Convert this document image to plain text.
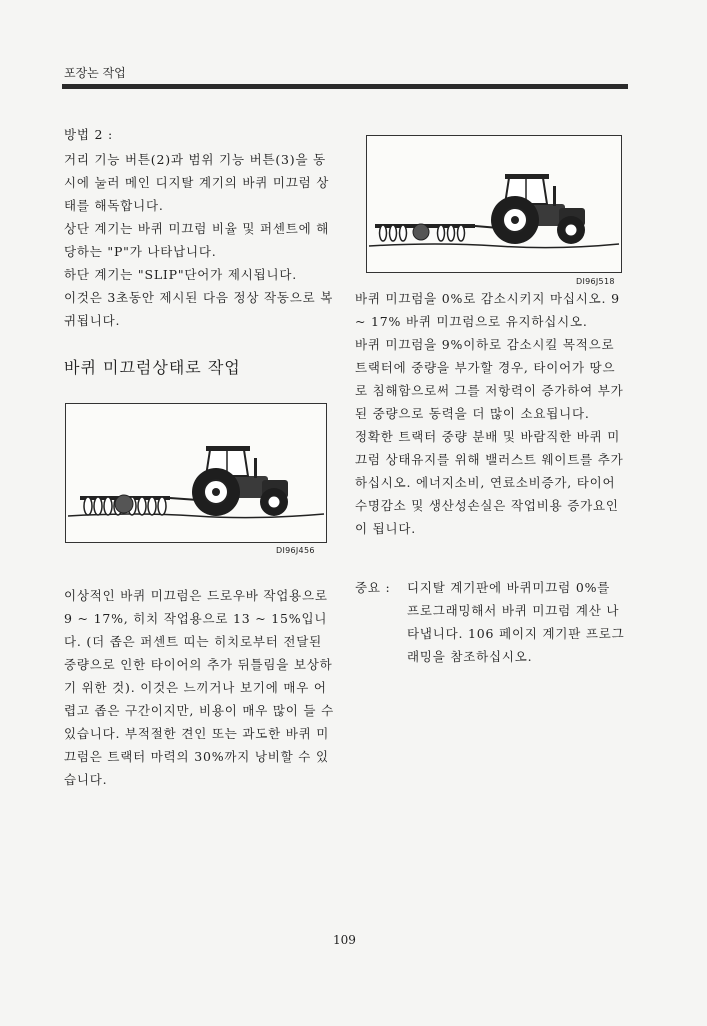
포장논 작업

방법 2 :

거리 기능 버튼(2)과 범위 기능 버튼(3)을 동시에 눌러 메인 디지탈 계기의 바퀴 미끄럼 상태를 해독합니다.

상단 계기는 바퀴 미끄럼 비율 및 퍼센트에 해당하는 "P"가 나타납니다.

하단 계기는 "SLIP"단어가 제시됩니다.

이것은 3초동안 제시된 다음 정상 작동으로 복귀됩니다.

바퀴 미끄럼상태로 작업
DI96J456

이상적인 바퀴 미끄럼은 드로우바 작업용으로 9 ~ 17%, 히치 작업용으로 13 ~ 15%입니다. (더 좁은 퍼센트 띠는 히치로부터 전달된 중량으로 인한 타이어의 추가 뒤틀림을 보상하기 위한 것). 이것은 느끼거나 보기에 매우 어렵고 좁은 구간이지만, 비용이 매우 많이 들 수 있습니다. 부적절한 견인 또는 과도한 바퀴 미끄럼은 트랙터 마력의 30%까지 낭비할 수 있습니다.

DI96J518

바퀴 미끄럼을 0%로 감소시키지 마십시오. 9 ~ 17% 바퀴 미끄럼으로 유지하십시오.

바퀴 미끄럼을 9%이하로 감소시킬 목적으로 트랙터에 중량을 부가할 경우, 타이어가 땅으로 침해함으로써 그를 저항력이 증가하여 부가된 중량으로 동력을 더 많이 소요됩니다.

정확한 트랙터 중량 분배 및 바람직한 바퀴 미끄럼 상태유지를 위해 밸러스트 웨이트를 추가하십시오. 에너지소비, 연료소비증가, 타이어수명감소 및 생산성손실은 작업비용 증가요인이 됩니다.

중요 : 디지탈 계기판에 바퀴미끄럼 0%를 프로그래밍해서 바퀴 미끄럼 계산 나타냅니다. 106 페이지 계기판 프로그래밍을 참조하십시오.
109
